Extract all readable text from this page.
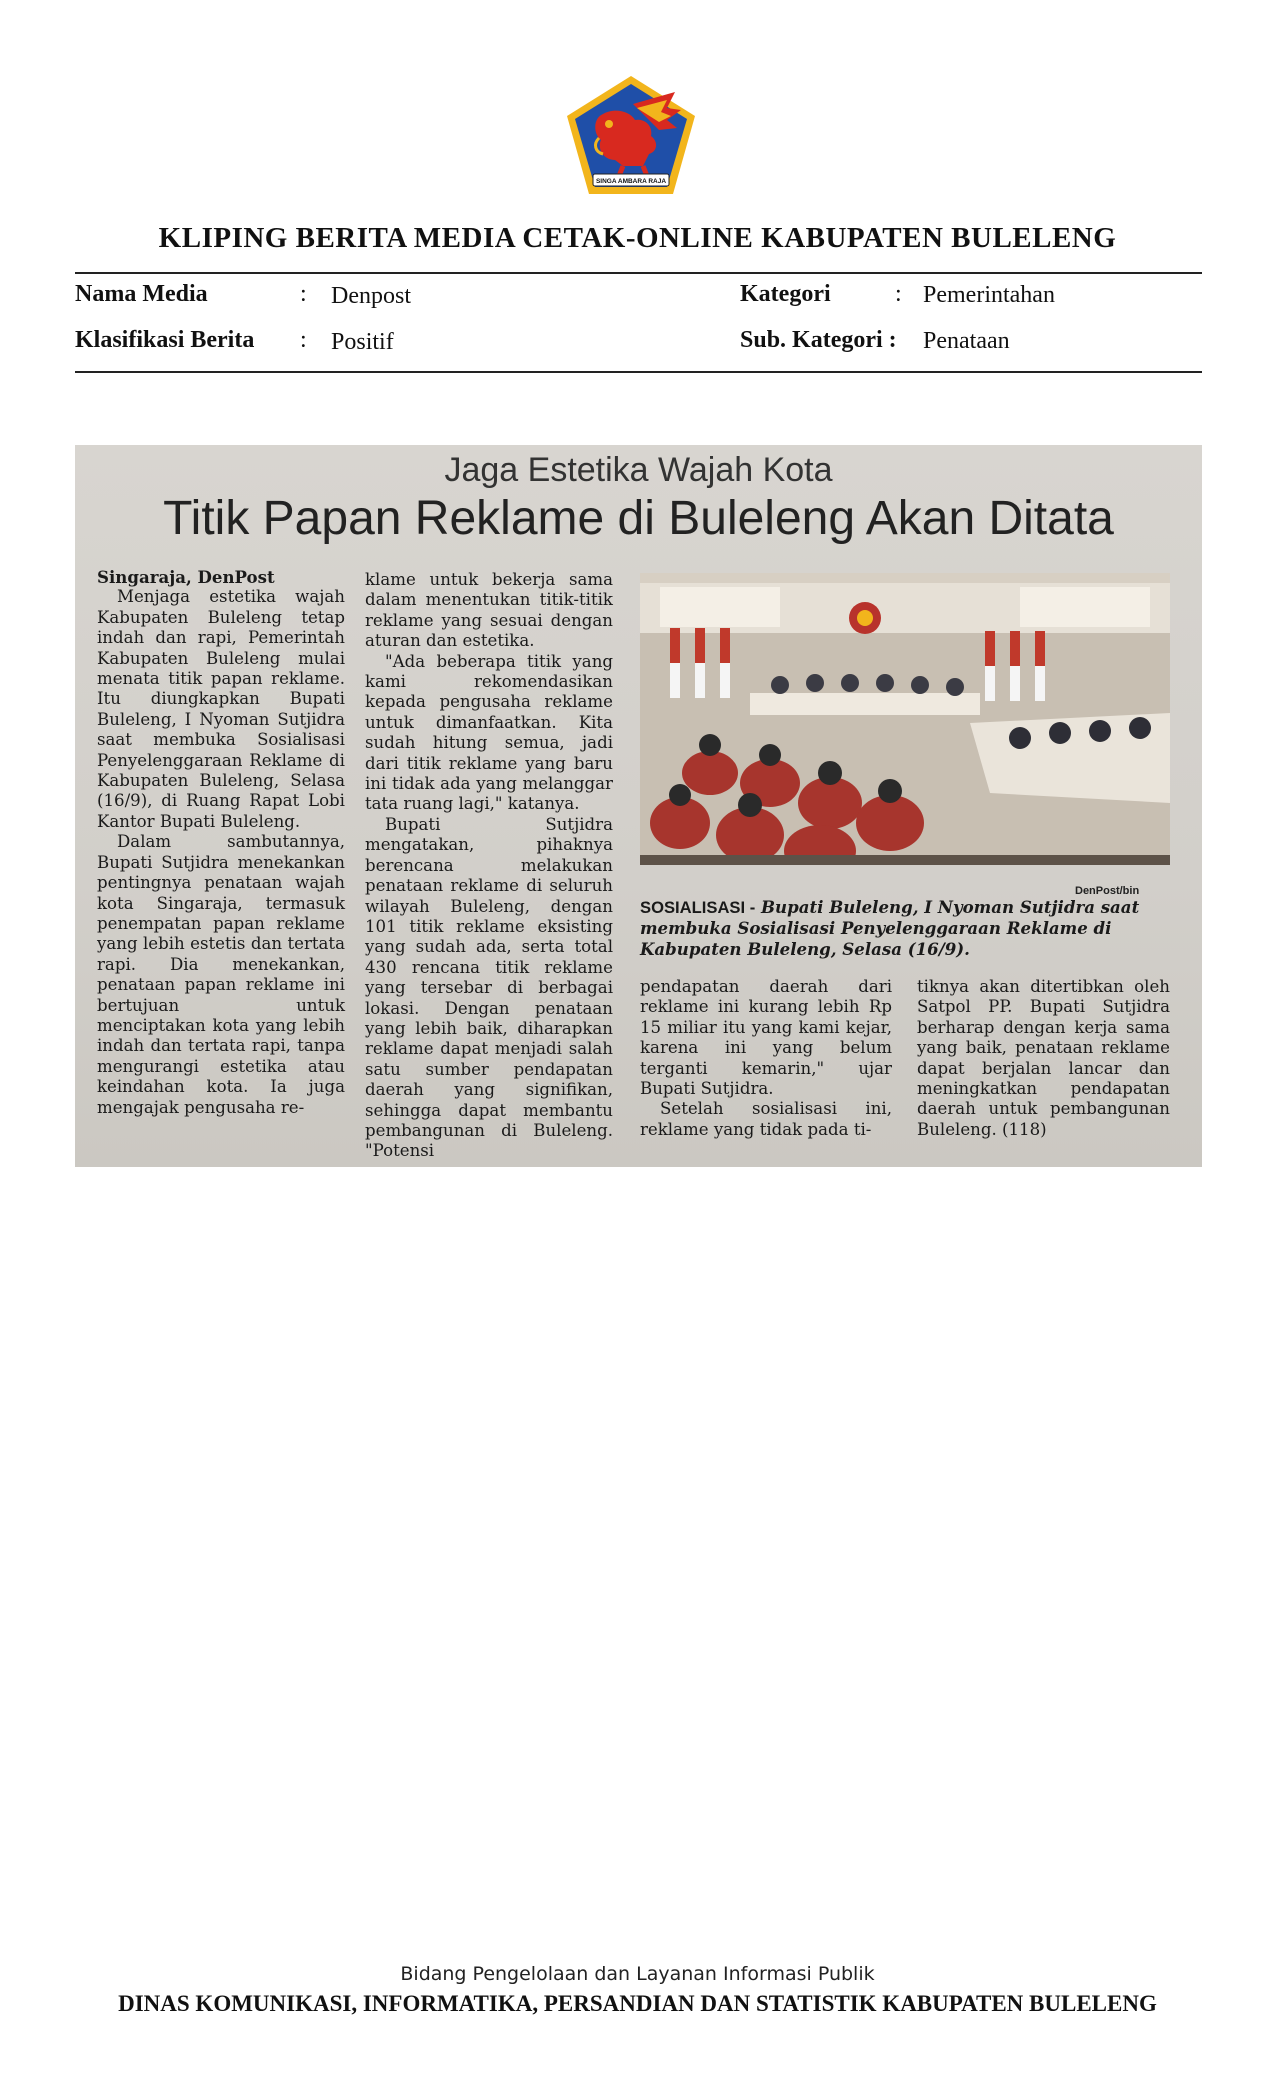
SINGA AMBARA RAJA
KLIPING BERITA MEDIA CETAK-ONLINE KABUPATEN BULELENG
Nama Media	: Denpost	Kategori	: Pemerintahan
Klasifikasi Berita : Positif	Sub. Kategori : Penataan
Jaga Estetika Wajah Kota
Titik Papan Reklame di Buleleng Akan Ditata

Singaraja, DenPost

Menjaga estetika wajah Kabupaten Buleleng tetap indah dan rapi, Pemerintah Kabupaten Buleleng mulai menata titik papan reklame. Itu diungkapkan Bupati Buleleng, I Nyoman Sutjidra saat membuka Sosialisasi Penyelenggaraan Reklame di Kabupaten Buleleng, Selasa (16/9), di Ruang Rapat Lobi Kantor Bupati Buleleng.

Dalam sambutannya, Bupati Sutjidra menekankan pentingnya penataan wajah kota Singaraja, termasuk penempatan papan reklame yang lebih estetis dan tertata rapi. Dia menekankan, penataan papan reklame ini bertujuan untuk menciptakan kota yang lebih indah dan tertata rapi, tanpa mengurangi estetika atau keindahan kota. Ia juga mengajak pengusaha re-

klame untuk bekerja sama dalam menentukan titik-titik reklame yang sesuai dengan aturan dan estetika.

"Ada beberapa titik yang kami rekomendasikan kepada pengusaha reklame untuk dimanfaatkan. Kita sudah hitung semua, jadi dari titik reklame yang baru ini tidak ada yang melanggar tata ruang lagi," katanya.

Bupati Sutjidra mengatakan, pihaknya berencana melakukan penataan reklame di seluruh wilayah Buleleng, dengan 101 titik reklame eksisting yang sudah ada, serta total 430 rencana titik reklame yang tersebar di berbagai lokasi. Dengan penataan yang lebih baik, diharapkan reklame dapat menjadi salah satu sumber pendapatan daerah yang signifikan, sehingga dapat membantu pembangunan di Buleleng. "Potensi

DenPost/bin
SOSIALISASI - Bupati Buleleng, I Nyoman Sutjidra saat membuka Sosialisasi Penyelenggaraan Reklame di Kabupaten Buleleng, Selasa (16/9).

pendapatan daerah dari reklame ini kurang lebih Rp 15 miliar itu yang kami kejar, karena ini yang belum terganti kemarin," ujar Bupati Sutjidra.

Setelah sosialisasi ini, reklame yang tidak pada ti-

tiknya akan ditertibkan oleh Satpol PP. Bupati Sutjidra berharap dengan kerja sama yang baik, penataan reklame dapat berjalan lancar dan meningkatkan pendapatan daerah untuk pembangunan Buleleng. (118)

Bidang Pengelolaan dan Layanan Informasi Publik
DINAS KOMUNIKASI, INFORMATIKA, PERSANDIAN DAN STATISTIK KABUPATEN BULELENG
